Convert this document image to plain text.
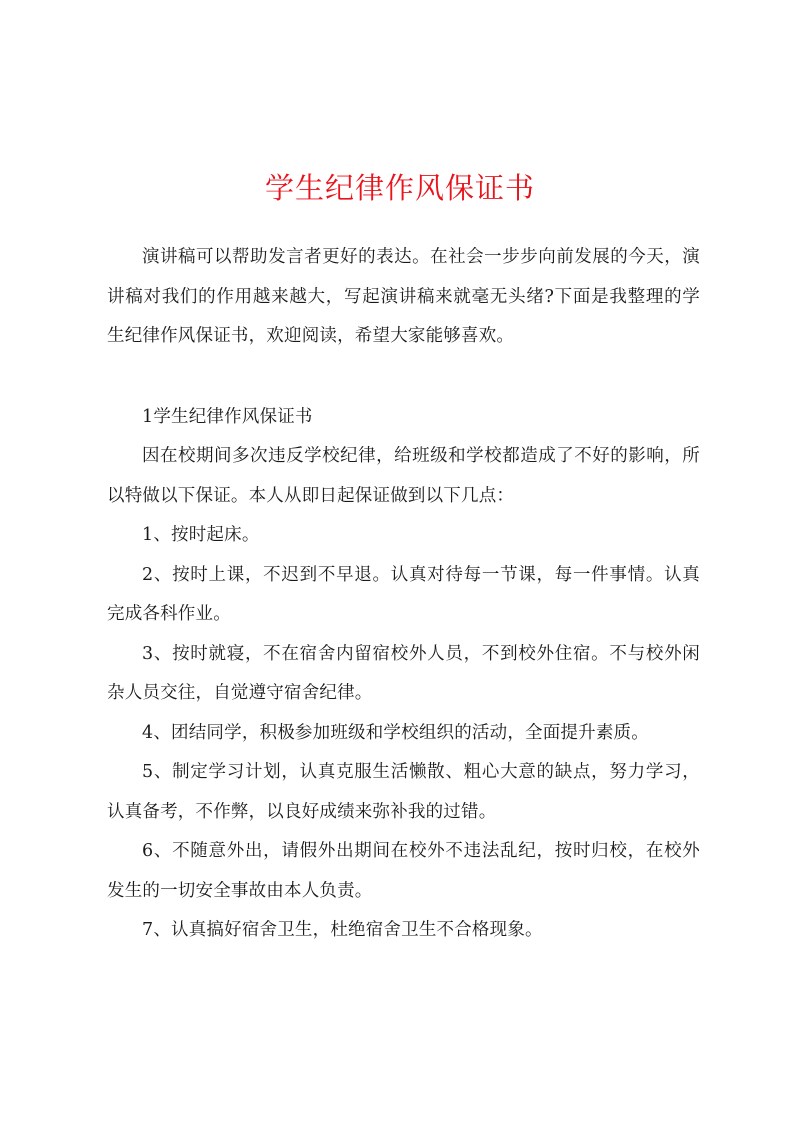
学生纪律作风保证书

演讲稿可以帮助发言者更好的表达。在社会一步步向前发展的今天，演讲稿对我们的作用越来越大，写起演讲稿来就毫无头绪?下面是我整理的学生纪律作风保证书，欢迎阅读，希望大家能够喜欢。

1学生纪律作风保证书

因在校期间多次违反学校纪律，给班级和学校都造成了不好的影响，所以特做以下保证。本人从即日起保证做到以下几点：

1、按时起床。

2、按时上课，不迟到不早退。认真对待每一节课，每一件事情。认真完成各科作业。

3、按时就寝，不在宿舍内留宿校外人员，不到校外住宿。不与校外闲杂人员交往，自觉遵守宿舍纪律。

4、团结同学，积极参加班级和学校组织的活动，全面提升素质。

5、制定学习计划，认真克服生活懒散、粗心大意的缺点，努力学习，认真备考，不作弊，以良好成绩来弥补我的过错。

6、不随意外出，请假外出期间在校外不违法乱纪，按时归校，在校外发生的一切安全事故由本人负责。

7、认真搞好宿舍卫生，杜绝宿舍卫生不合格现象。
